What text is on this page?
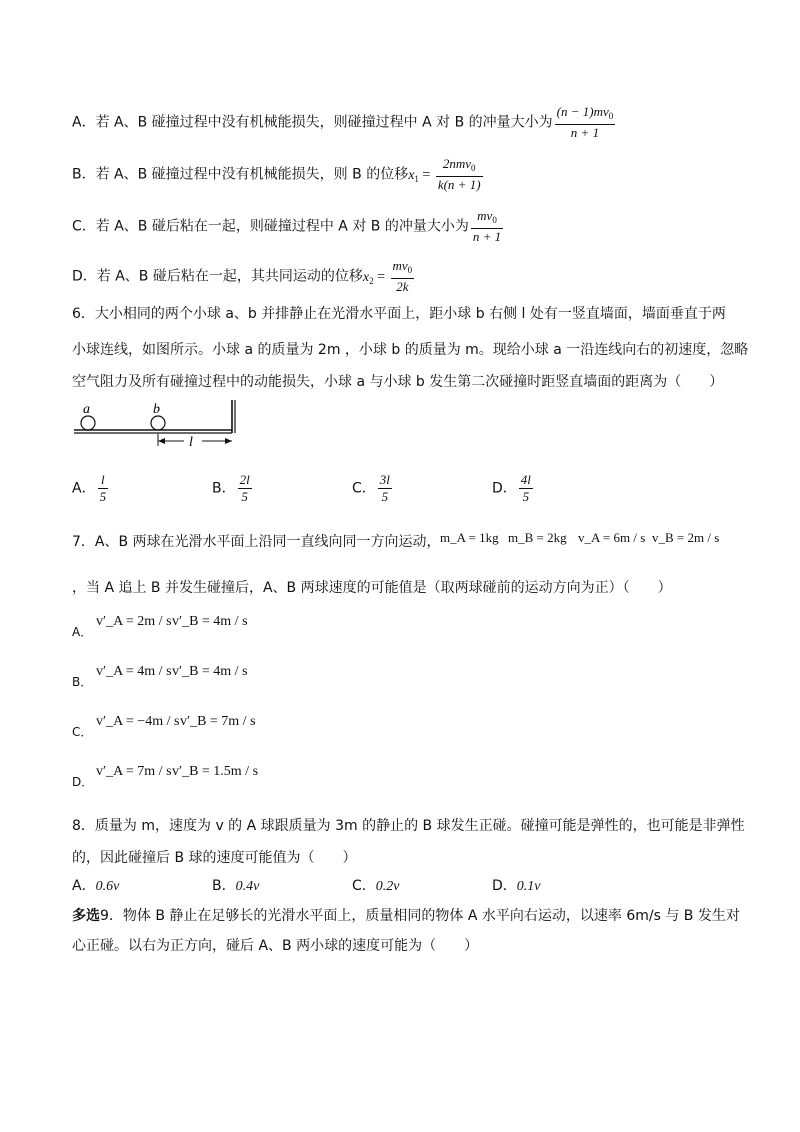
A．若 A、B 碰撞过程中没有机械能损失，则碰撞过程中 A 对 B 的冲量大小为 $\frac{(n - 1)mv_0}{n + 1}$
B．若 A、B 碰撞过程中没有机械能损失，则 B 的位移$x_1 = \frac{2nmv_0}{k(n + 1)}$
C．若 A、B 碰后粘在一起，则碰撞过程中 A 对 B 的冲量大小为 $\frac{mv_0}{n + 1}$
D．若 A、B 碰后粘在一起，其共同运动的位移$x_2 = \frac{mv_0}{2k}$
6．大小相同的两个小球 a、b 并排静止在光滑水平面上，距小球 b 右侧 l 处有一竖直墙面，墙面垂直于两
小球连线，如图所示。小球 a 的质量为 2m ，小球 b 的质量为 m。现给小球 a 一沿连线向右的初速度，忽略
空气阻力及所有碰撞过程中的动能损失，小球 a 与小球 b 发生第二次碰撞时距竖直墙面的距离为（　　）
a	b
l
A． $\frac{l}{5}$	B． $\frac{2l}{5}$	C． $\frac{3l}{5}$	D． $\frac{4l}{5}$
7．A、B 两球在光滑水平面上沿同一直线向同一方向运动， m_A = 1kg m_B = 2kg v_A = 6m / s v_B = 2m / s
，当 A 追上 B 并发生碰撞后，A、B 两球速度的可能值是（取两球碰前的运动方向为正）（　　）
A．
v′_A = 2m / s v′_B = 4m / s
B．
v′_A = 4m / s v′_B = 4m / s
C．
v′_A = −4m / s v′_B = 7m / s
D．
v′_A = 7m / s v′_B = 1.5m / s
8．质量为 m，速度为 v 的 A 球跟质量为 3m 的静止的 B 球发生正碰。碰撞可能是弹性的，也可能是非弹性
的，因此碰撞后 B 球的速度可能值为（　　）
A．0.6v	B．0.4v	C．0.2v	D．0.1v
多选9．物体 B 静止在足够长的光滑水平面上，质量相同的物体 A 水平向右运动，以速率 6m/s 与 B 发生对
心正碰。以右为正方向，碰后 A、B 两小球的速度可能为（　　）
